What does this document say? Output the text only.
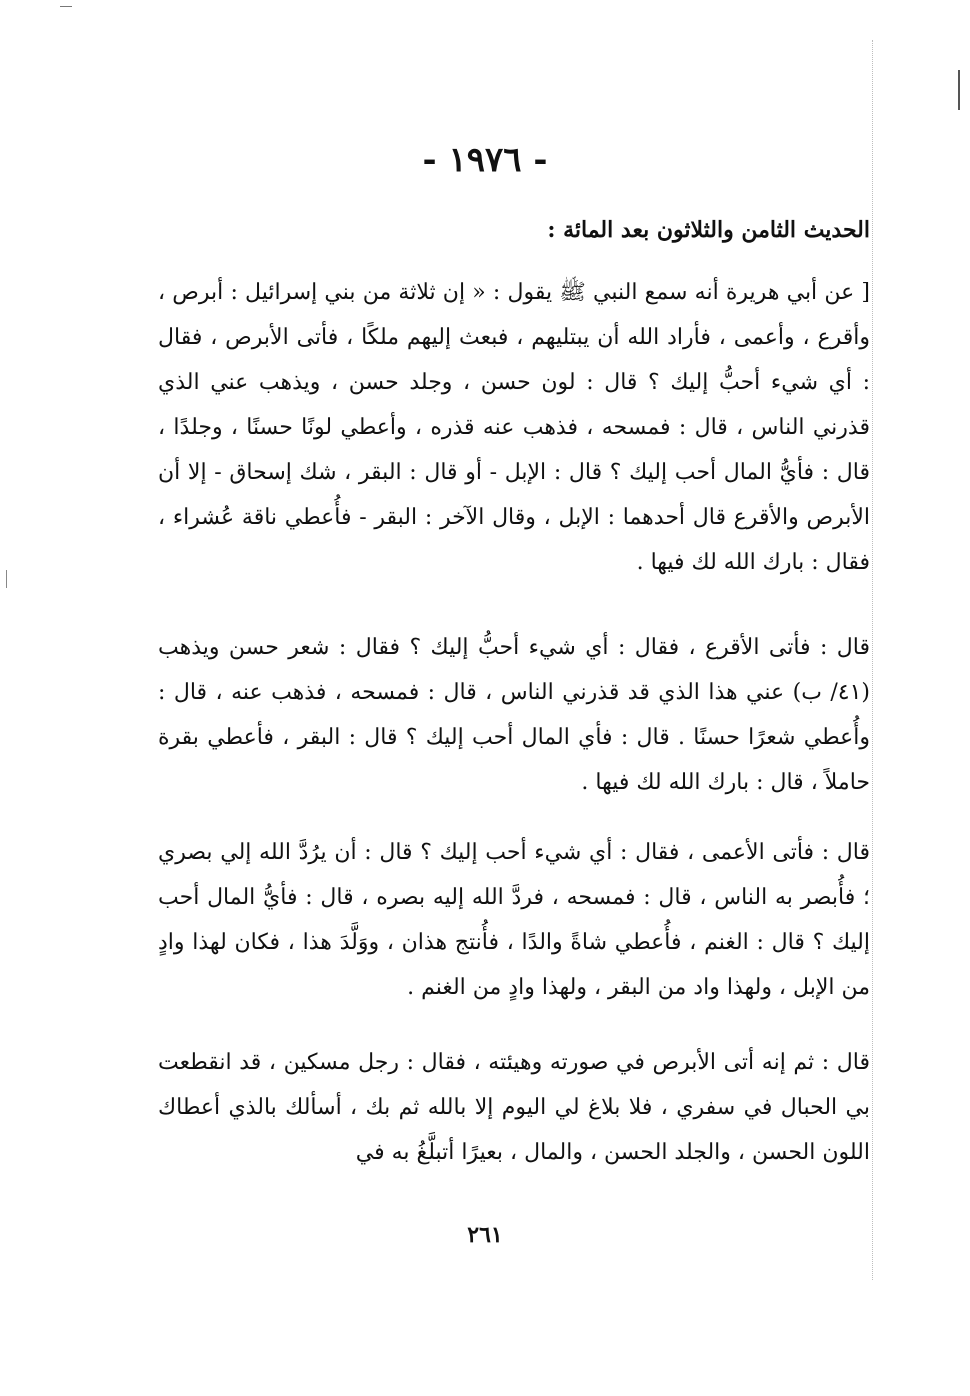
- ١٩٧٦ -
الحديث الثامن والثلاثون بعد المائة :

[ عن أبي هريرة أنه سمع النبي ﷺ يقول : « إن ثلاثة من بني إسرائيل : أبرص ، وأقرع ، وأعمى ، فأراد الله أن يبتليهم ، فبعث إليهم ملكًا ، فأتى الأبرص ، فقال : أي شيء أحبُّ إليك ؟ قال : لون حسن ، وجلد حسن ، ويذهب عني الذي قذرني الناس ، قال : فمسحه ، فذهب عنه قذره ، وأعطي لونًا حسنًا ، وجلدًا ، قال : فأيُّ المال أحب إليك ؟ قال : الإبل - أو قال : البقر ، شك إسحاق - إلا أن الأبرص والأقرع قال أحدهما : الإبل ، وقال الآخر : البقر - فأُعطي ناقة عُشراء ، فقال : بارك الله لك فيها .

قال : فأتى الأقرع ، فقال : أي شيء أحبُّ إليك ؟ فقال : شعر حسن ويذهب (٤١/ ب) عني هذا الذي قد قذرني الناس ، قال : فمسحه ، فذهب عنه ، قال : وأُعطي شعرًا حسنًا . قال : فأي المال أحب إليك ؟ قال : البقر ، فأعطي بقرة حاملاً ، قال : بارك الله لك فيها .

قال : فأتى الأعمى ، فقال : أي شيء أحب إليك ؟ قال : أن يرُدَّ الله إلي بصري ؛ فأُبصر به الناس ، قال : فمسحه ، فردَّ الله إليه بصره ، قال : فأيُّ المال أحب إليك ؟ قال : الغنم ، فأُعطي شاةً والدًا ، فأُنتج هذان ، ووَلَّدَ هذا ، فكان لهذا وادٍ من الإبل ، ولهذا واد من البقر ، ولهذا وادٍ من الغنم .

قال : ثم إنه أتى الأبرص في صورته وهيئته ، فقال : رجل مسكين ، قد انقطعت بي الحبال في سفري ، فلا بلاغ لي اليوم إلا بالله ثم بك ، أسألك بالذي أعطاك اللون الحسن ، والجلد الحسن ، والمال ، بعيرًا أتبلَّغُ به في

٢٦١
